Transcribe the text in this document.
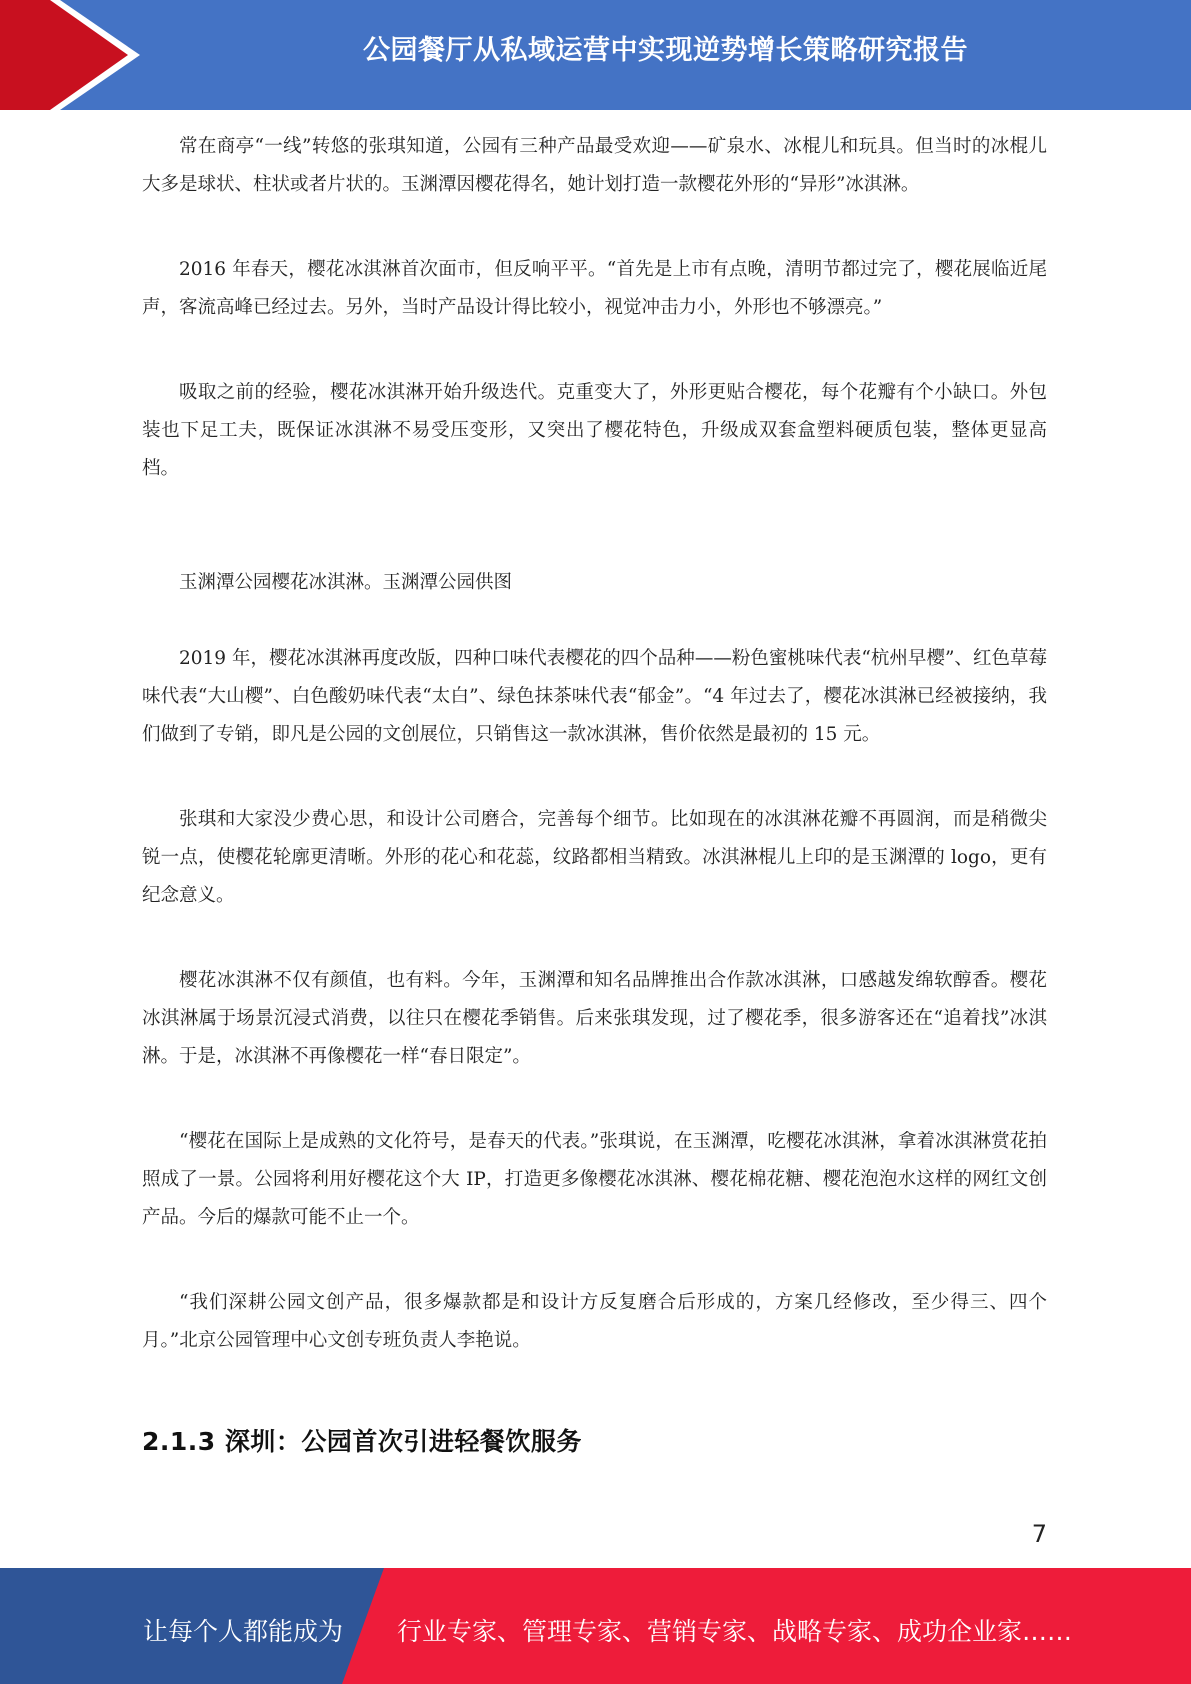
公园餐厅从私域运营中实现逆势增长策略研究报告

常在商亭“一线”转悠的张琪知道，公园有三种产品最受欢迎——矿泉水、冰棍儿和玩具。但当时的冰棍儿大多是球状、柱状或者片状的。玉渊潭因樱花得名，她计划打造一款樱花外形的“异形”冰淇淋。

2016 年春天，樱花冰淇淋首次面市，但反响平平。“首先是上市有点晚，清明节都过完了，樱花展临近尾声，客流高峰已经过去。另外，当时产品设计得比较小，视觉冲击力小，外形也不够漂亮。”

吸取之前的经验，樱花冰淇淋开始升级迭代。克重变大了，外形更贴合樱花，每个花瓣有个小缺口。外包装也下足工夫，既保证冰淇淋不易受压变形，又突出了樱花特色，升级成双套盒塑料硬质包装，整体更显高档。

玉渊潭公园樱花冰淇淋。玉渊潭公园供图

2019 年，樱花冰淇淋再度改版，四种口味代表樱花的四个品种——粉色蜜桃味代表“杭州早樱”、红色草莓味代表“大山樱”、白色酸奶味代表“太白”、绿色抹茶味代表“郁金”。“4 年过去了，樱花冰淇淋已经被接纳，我们做到了专销，即凡是公园的文创展位，只销售这一款冰淇淋，售价依然是最初的 15 元。

张琪和大家没少费心思，和设计公司磨合，完善每个细节。比如现在的冰淇淋花瓣不再圆润，而是稍微尖锐一点，使樱花轮廓更清晰。外形的花心和花蕊，纹路都相当精致。冰淇淋棍儿上印的是玉渊潭的 logo，更有纪念意义。

樱花冰淇淋不仅有颜值，也有料。今年，玉渊潭和知名品牌推出合作款冰淇淋，口感越发绵软醇香。樱花冰淇淋属于场景沉浸式消费，以往只在樱花季销售。后来张琪发现，过了樱花季，很多游客还在“追着找”冰淇淋。于是，冰淇淋不再像樱花一样“春日限定”。

“樱花在国际上是成熟的文化符号，是春天的代表。”张琪说，在玉渊潭，吃樱花冰淇淋，拿着冰淇淋赏花拍照成了一景。公园将利用好樱花这个大 IP，打造更多像樱花冰淇淋、樱花棉花糖、樱花泡泡水这样的网红文创产品。今后的爆款可能不止一个。

“我们深耕公园文创产品，很多爆款都是和设计方反复磨合后形成的，方案几经修改，至少得三、四个月。”北京公园管理中心文创专班负责人李艳说。

2.1.3 深圳：公园首次引进轻餐饮服务
7
让每个人都能成为 行业专家、管理专家、营销专家、战略专家、成功企业家……
